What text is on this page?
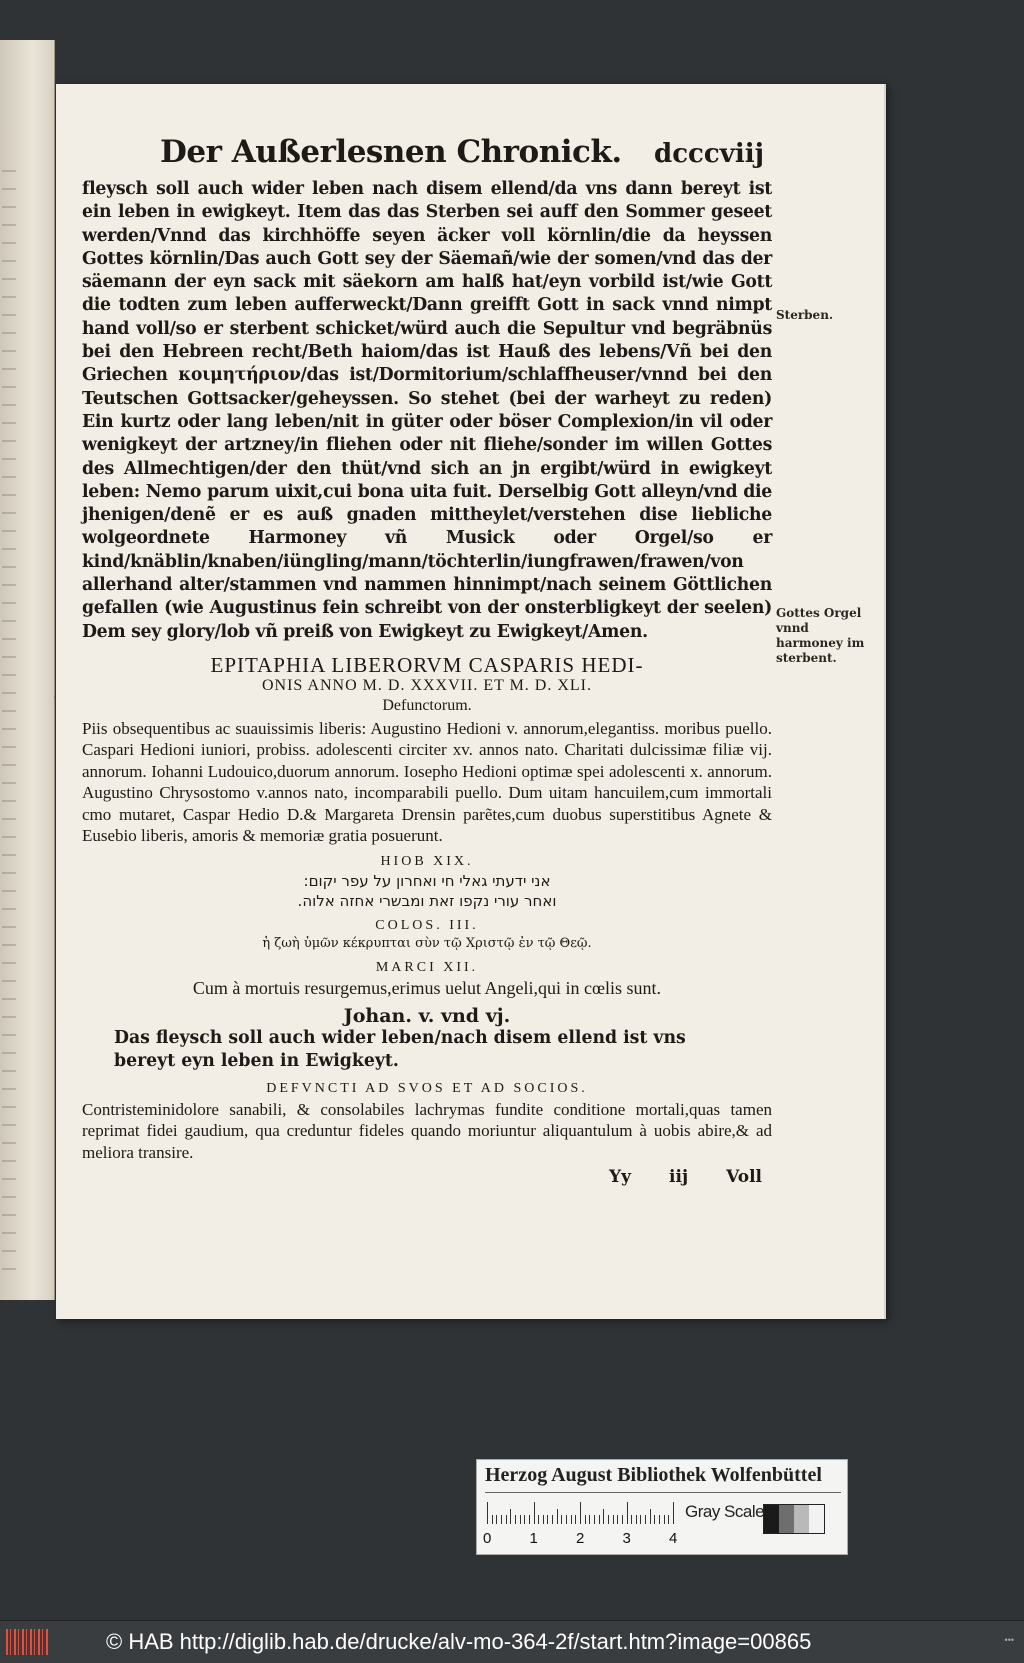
Der Außerlesnen Chronick. dcccviij
fleysch soll auch wider leben nach disem ellend/da vns dann bereyt ist ein leben in ewigkeyt. Item das das Sterben sei auff den Sommer geseet werden/Vnnd das kirchhöffe seyen äcker voll körnlin/die da heyssen Gottes körnlin/Das auch Gott sey der Säemañ/wie der somen/vnd das der säemann der eyn sack mit säekorn am halß hat/eyn vorbild ist/wie Gott die todten zum leben aufferweckt/Dann greifft Gott in sack vnnd nimpt hand voll/so er sterbent schicket/würd auch die Sepultur vnd begräbnüs bei den Hebreen recht/Beth haiom/das ist Hauß des lebens/Vñ bei den Griechen κοιμητήριον/das ist/Dormitorium/schlaffheuser/vnnd bei den Teutschen Gottsacker/geheyssen. So stehet (bei der warheyt zu reden) Ein kurtz oder lang leben/nit in güter oder böser Complexion/in vil oder wenigkeyt der artzney/in fliehen oder nit fliehe/sonder im willen Gottes des Allmechtigen/der den thüt/vnd sich an jn ergibt/würd in ewigkeyt leben: Nemo parum uixit,cui bona uita fuit. Derselbig Gott alleyn/vnd die jhenigen/denẽ er es auß gnaden mittheylet/verstehen dise liebliche wolgeordnete Harmoney vñ Musick oder Orgel/so er kind/knäblin/knaben/iüngling/mann/töchterlin/iungfrawen/frawen/von allerhand alter/stammen vnd nammen hinnimpt/nach seinem Göttlichen gefallen (wie Augustinus fein schreibt von der onsterbligkeyt der seelen) Dem sey glory/lob vñ preiß von Ewigkeyt zu Ewigkeyt/Amen.
EPITAPHIA LIBERORVM CASPARIS HEDI-
ONIS ANNO M. D. XXXVII. ET M. D. XLI.
Defunctorum.
Piis obsequentibus ac suauissimis liberis: Augustino Hedioni v. annorum,elegantiss. moribus puello. Caspari Hedioni iuniori, probiss. adolescenti circiter xv. annos nato. Charitati dulcissimæ filiæ vij. annorum. Iohanni Ludouico,duorum annorum. Iosepho Hedioni optimæ spei adolescenti x. annorum. Augustino Chrysostomo v.annos nato, incomparabili puello. Dum uitam hancuilem,cum immortali cmo mutaret, Caspar Hedio D.& Margareta Drensin parẽtes,cum duobus superstitibus Agnete & Eusebio liberis, amoris & memoriæ gratia posuerunt.
HIOB XIX.
אני ידעתי גאלי חי ואחרון על עפר יקום:
ואחר עורי נקפו זאת ומבשרי אחזה אלוה.
COLOS. III.
ἡ ζωὴ ὑμῶν κέκρυπται σὺν τῷ Χριστῷ ἐν τῷ Θεῷ.
MARCI XII.
Cum à mortuis resurgemus,erimus uelut Angeli,qui in cœlis sunt.
Johan. v. vnd vj.
Das fleysch soll auch wider leben/nach disem ellend ist vns bereyt eyn leben in Ewigkeyt.
DEFVNCTI AD SVOS ET AD SOCIOS.
Contristeminidolore sanabili, & consolabiles lachrymas fundite conditione mortali,quas tamen reprimat fidei gaudium, qua creduntur fideles quando moriuntur aliquantulum à uobis abire,& ad meliora transire.
Yy iij Voll
Sterben.
Gottes Orgel vnnd harmoney im sterbent.
Herzog August Bibliothek Wolfenbüttel
0	1	2	3	4
Gray Scale
© HAB http://diglib.hab.de/drucke/alv-mo-364-2f/start.htm?image=00865	•••
